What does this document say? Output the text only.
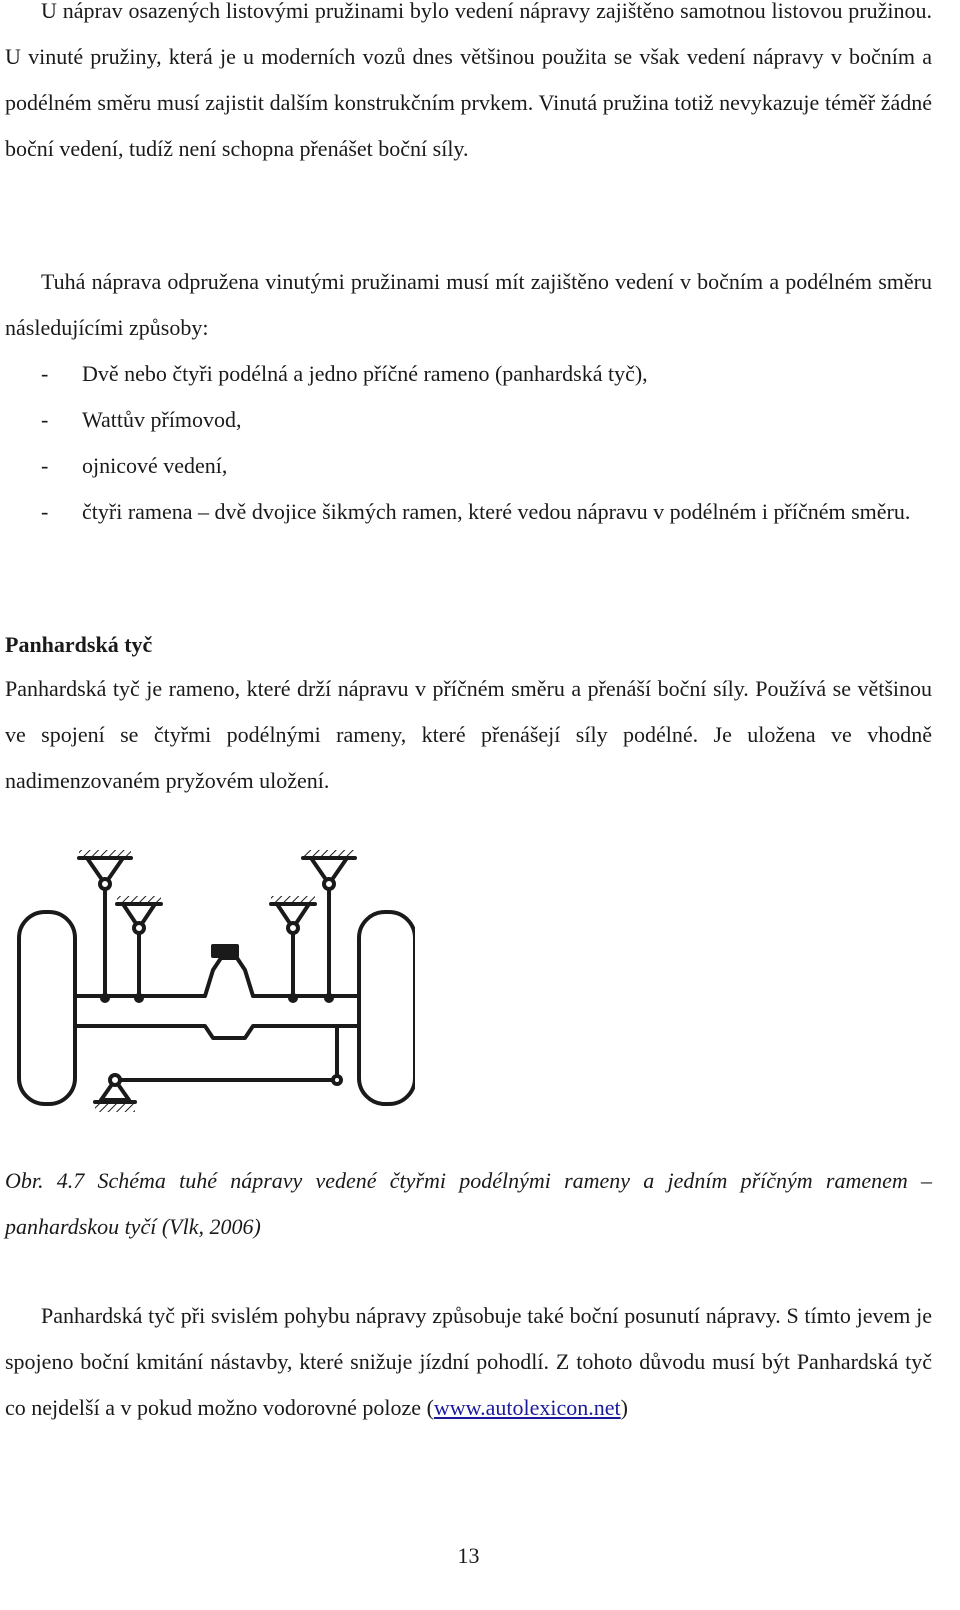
U náprav osazených listovými pružinami bylo vedení nápravy zajištěno samotnou listovou pružinou. U vinuté pružiny, která je u moderních vozů dnes většinou použita se však vedení nápravy v bočním a podélném směru musí zajistit dalším konstrukčním prvkem. Vinutá pružina totiž nevykazuje téměř žádné boční vedení, tudíž není schopna přenášet boční síly.

Tuhá náprava odpružena vinutými pružinami musí mít zajištěno vedení v bočním a podélném směru následujícími způsoby:

- Dvě nebo čtyři podélná a jedno příčné rameno (panhardská tyč),
- Wattův přímovod,
- ojnicové vedení,
- čtyři ramena – dvě dvojice šikmých ramen, které vedou nápravu v podélném i příčném směru.
Panhardská tyč

Panhardská tyč je rameno, které drží nápravu v příčném směru a přenáší boční síly. Používá se většinou ve spojení se čtyřmi podélnými rameny, které přenášejí síly podélné. Je uložena ve vhodně nadimenzovaném pryžovém uložení.

Obr. 4.7 Schéma tuhé nápravy vedené čtyřmi podélnými rameny a jedním příčným ramenem – panhardskou tyčí (Vlk, 2006)

Panhardská tyč při svislém pohybu nápravy způsobuje také boční posunutí nápravy. S tímto jevem je spojeno boční kmitání nástavby, které snižuje jízdní pohodlí. Z tohoto důvodu musí být Panhardská tyč co nejdelší a v pokud možno vodorovné poloze (www.autolexicon.net)

13
